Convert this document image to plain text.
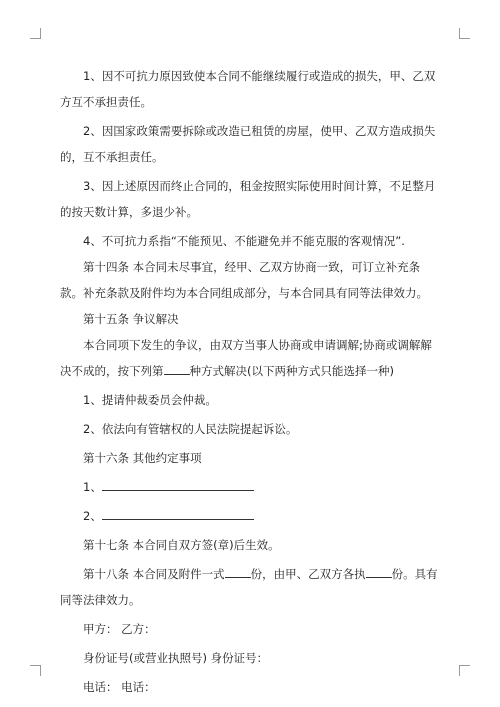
1、因不可抗力原因致使本合同不能继续履行或造成的损失，甲、乙双方互不承担责任。

2、因国家政策需要拆除或改造已租赁的房屋，使甲、乙双方造成损失的，互不承担责任。

3、因上述原因而终止合同的，租金按照实际使用时间计算，不足整月的按天数计算，多退少补。

4、不可抗力系指“不能预见、不能避免并不能克服的客观情况”.

第十四条 本合同未尽事宜，经甲、乙双方协商一致，可订立补充条款。补充条款及附件均为本合同组成部分，与本合同具有同等法律效力。

第十五条 争议解决

本合同项下发生的争议，由双方当事人协商或申请调解;协商或调解解决不成的，按下列第 种方式解决(以下两种方式只能选择一种)

1、提请仲裁委员会仲裁。

2、依法向有管辖权的人民法院提起诉讼。

第十六条 其他约定事项

1、

2、

第十七条 本合同自双方签(章)后生效。

第十八条 本合同及附件一式 份，由甲、乙双方各执 份。具有同等法律效力。

甲方： 乙方：

身份证号(或营业执照号) 身份证号：

电话： 电话：
